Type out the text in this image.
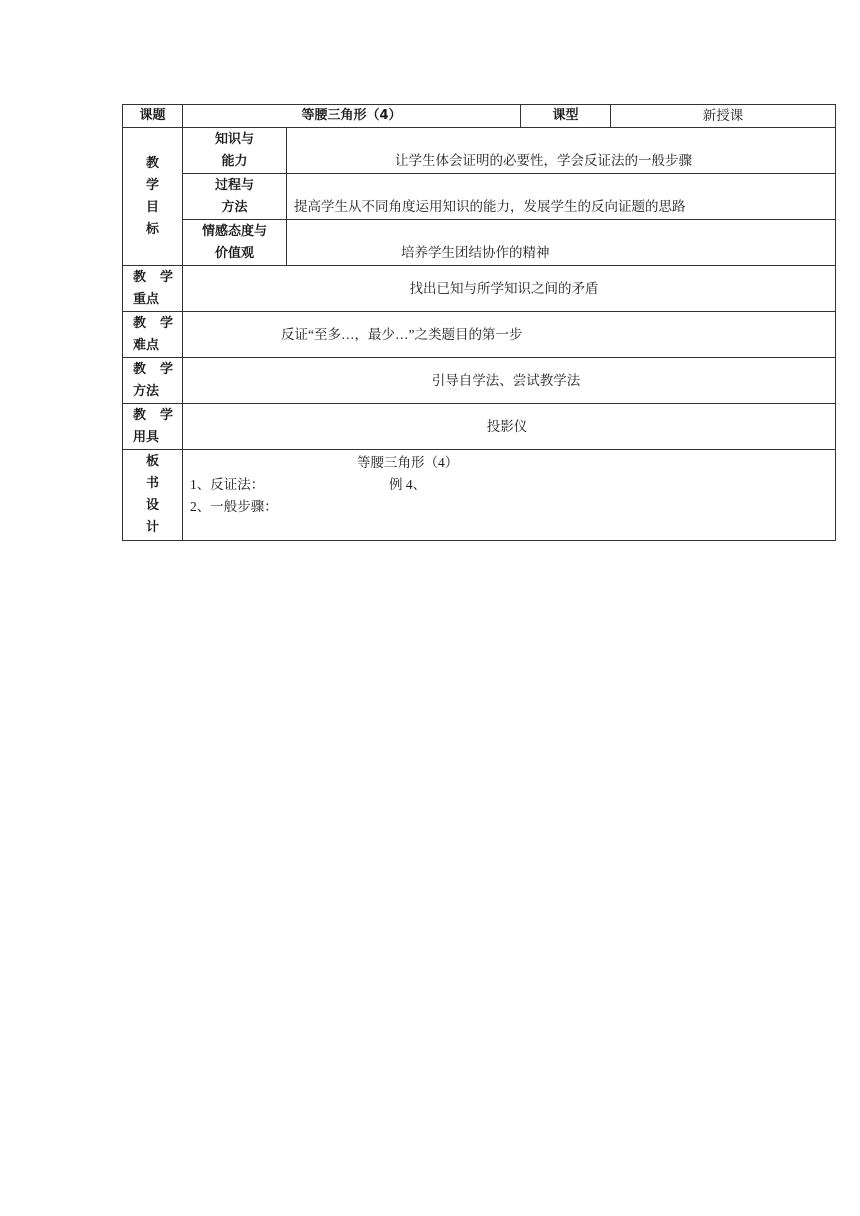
课题	等腰三角形（4）		课型	新授课

教
学
目
标	知识与
能力	让学生体会证明的必要性，学会反证法的一般步骤		

	过程与
方法	提高学生从不同角度运用知识的能力，发展学生的反向证题的思路		

	情感态度与
价值观	培养学生团结协作的精神		

教 学
重点	找出已知与所学知识之间的矛盾			

教 学
难点	反证“至多…，最少…”之类题目的第一步			

教 学
方法	引导自学法、尝试教学法			

教 学
用具	投影仪			

板
书
设
计	等腰三角形（4）
1、反证法： 例 4、
2、一般步骤：			
